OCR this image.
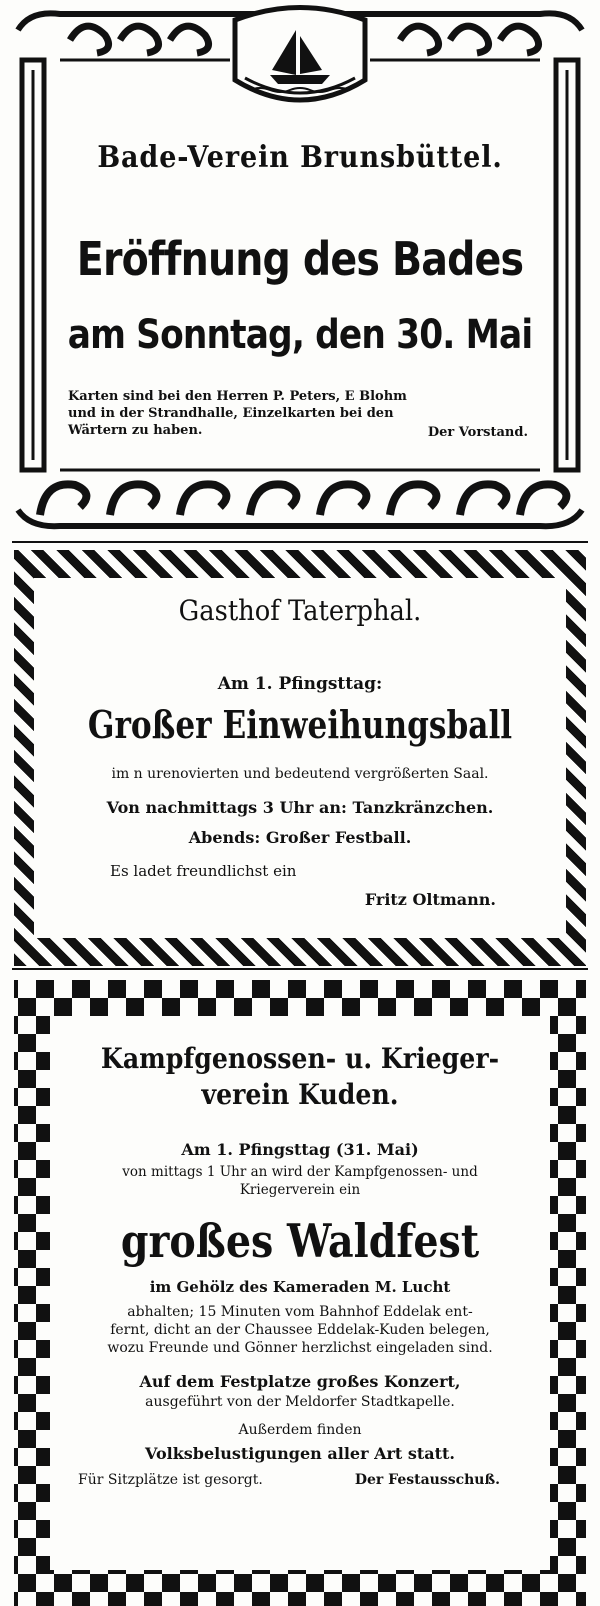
Bade-Verein Brunsbüttel.
Eröffnung des Bades
am Sonntag, den 30. Mai

Karten sind bei den Herren P. Peters, E Blohm

und in der Strandhalle, Einzelkarten bei den

Wärtern zu haben.	Der Vorstand.
Gasthof Taterphal.
Am 1. Pfingsttag:
Großer Einweihungsball
im n urenovierten und bedeutend vergrößerten Saal.
Von nachmittags 3 Uhr an: Tanzkränzchen.
Abends: Großer Festball.
Es ladet freundlichst ein
Fritz Oltmann.
Kampfgenossen- u. Krieger-
verein Kuden.
Am 1. Pfingsttag (31. Mai)
von mittags 1 Uhr an wird der Kampfgenossen- und
Kriegerverein ein
großes Waldfest
im Gehölz des Kameraden M. Lucht
abhalten; 15 Minuten vom Bahnhof Eddelak ent-
fernt, dicht an der Chaussee Eddelak-Kuden belegen,
wozu Freunde und Gönner herzlichst eingeladen sind.
Auf dem Festplatze großes Konzert,
ausgeführt von der Meldorfer Stadtkapelle.
Außerdem finden
Volksbelustigungen aller Art statt.
Für Sitzplätze ist gesorgt.	Der Festausschuß.
